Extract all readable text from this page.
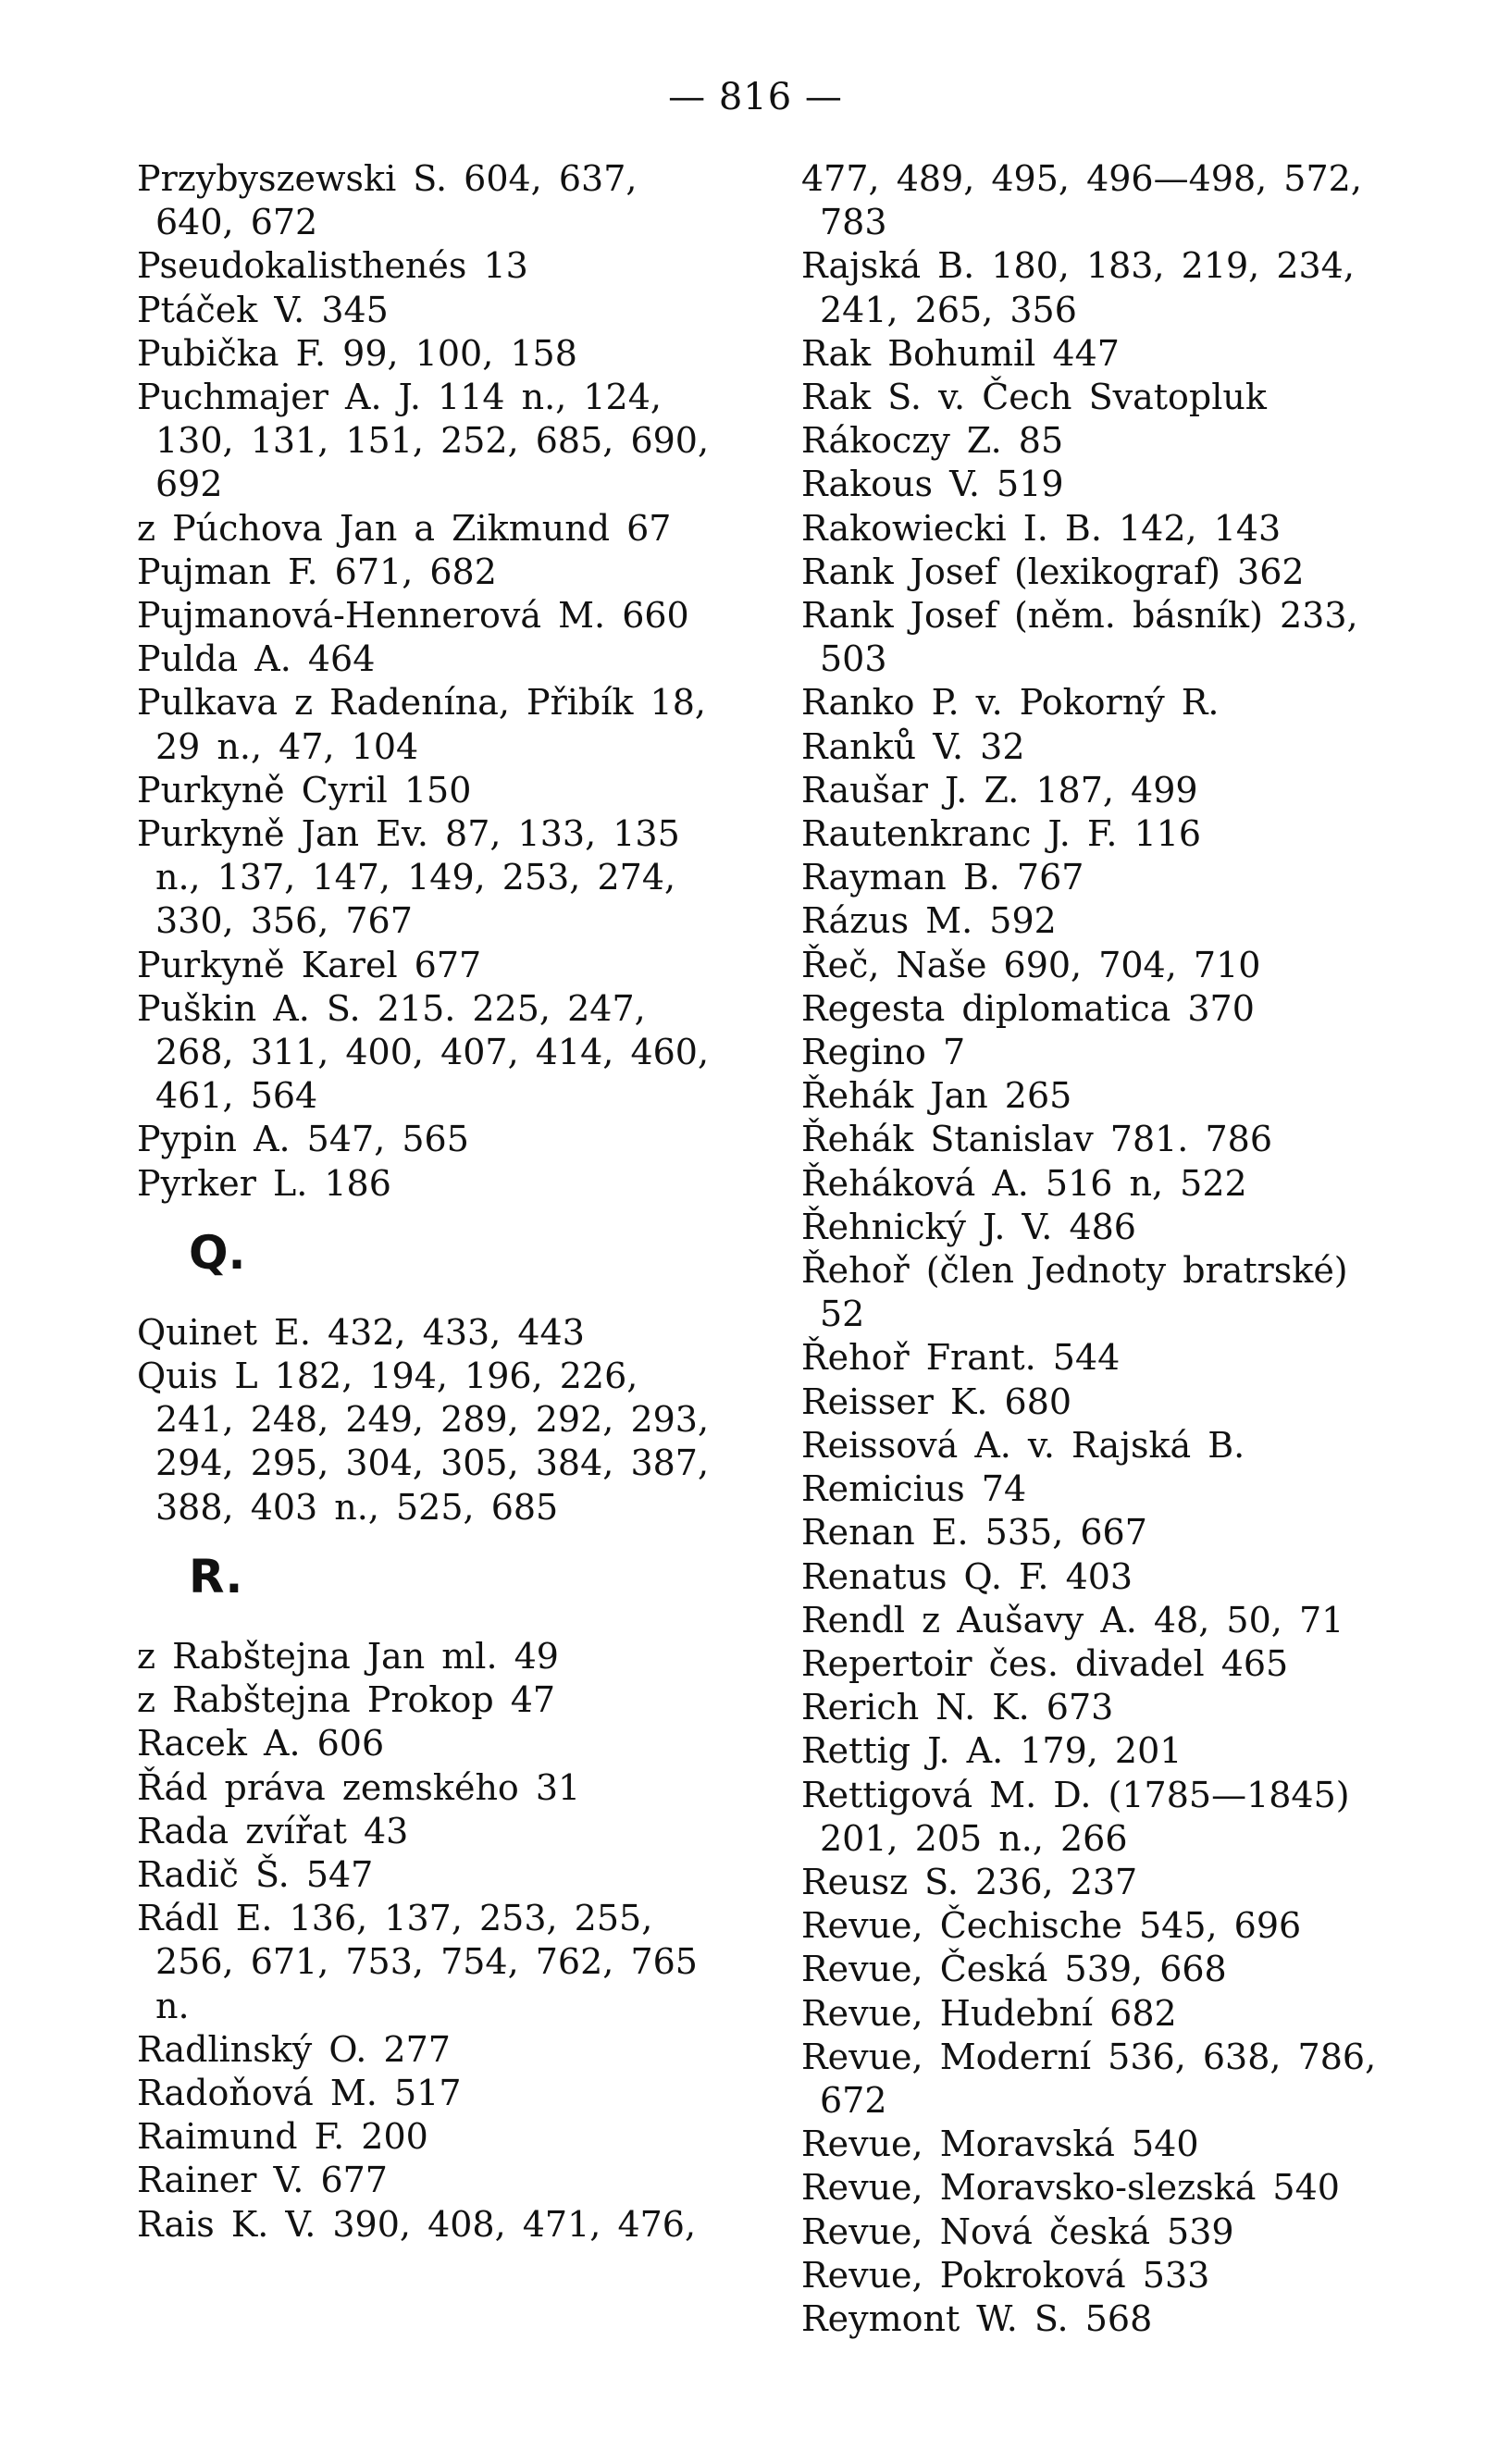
— 816 —
Przybyszewski S. 604, 637, 640, 672
Pseudokalisthenés 13
Ptáček V. 345
Pubička F. 99, 100, 158
Puchmajer A. J. 114 n., 124, 130, 131, 151, 252, 685, 690, 692
z Púchova Jan a Zikmund 67
Pujman F. 671, 682
Pujmanová-Hennerová M. 660
Pulda A. 464
Pulkava z Radenína, Přibík 18, 29 n., 47, 104
Purkyně Cyril 150
Purkyně Jan Ev. 87, 133, 135 n., 137, 147, 149, 253, 274, 330, 356, 767
Purkyně Karel 677
Puškin A. S. 215. 225, 247, 268, 311, 400, 407, 414, 460, 461, 564
Pypin A. 547, 565
Pyrker L. 186
Q.
Quinet E. 432, 433, 443
Quis L 182, 194, 196, 226, 241, 248, 249, 289, 292, 293, 294, 295, 304, 305, 384, 387, 388, 403 n., 525, 685
R.
z Rabštejna Jan ml. 49
z Rabštejna Prokop 47
Racek A. 606
Řád práva zemského 31
Rada zvířat 43
Radič Š. 547
Rádl E. 136, 137, 253, 255, 256, 671, 753, 754, 762, 765 n.
Radlinský O. 277
Radoňová M. 517
Raimund F. 200
Rainer V. 677
Rais K. V. 390, 408, 471, 476,
477, 489, 495, 496—498, 572, 783
Rajská B. 180, 183, 219, 234, 241, 265, 356
Rak Bohumil 447
Rak S. v. Čech Svatopluk
Rákoczy Z. 85
Rakous V. 519
Rakowiecki I. B. 142, 143
Rank Josef (lexikograf) 362
Rank Josef (něm. básník) 233, 503
Ranko P. v. Pokorný R.
Ranků V. 32
Raušar J. Z. 187, 499
Rautenkranc J. F. 116
Rayman B. 767
Rázus M. 592
Řeč, Naše 690, 704, 710
Regesta diplomatica 370
Regino 7
Řehák Jan 265
Řehák Stanislav 781. 786
Řeháková A. 516 n, 522
Řehnický J. V. 486
Řehoř (člen Jednoty bratrské) 52
Řehoř Frant. 544
Reisser K. 680
Reissová A. v. Rajská B.
Remicius 74
Renan E. 535, 667
Renatus Q. F. 403
Rendl z Aušavy A. 48, 50, 71
Repertoir čes. divadel 465
Rerich N. K. 673
Rettig J. A. 179, 201
Rettigová M. D. (1785—1845) 201, 205 n., 266
Reusz S. 236, 237
Revue, Čechische 545, 696
Revue, Česká 539, 668
Revue, Hudební 682
Revue, Moderní 536, 638, 786, 672
Revue, Moravská 540
Revue, Moravsko-slezská 540
Revue, Nová česká 539
Revue, Pokroková 533
Reymont W. S. 568
